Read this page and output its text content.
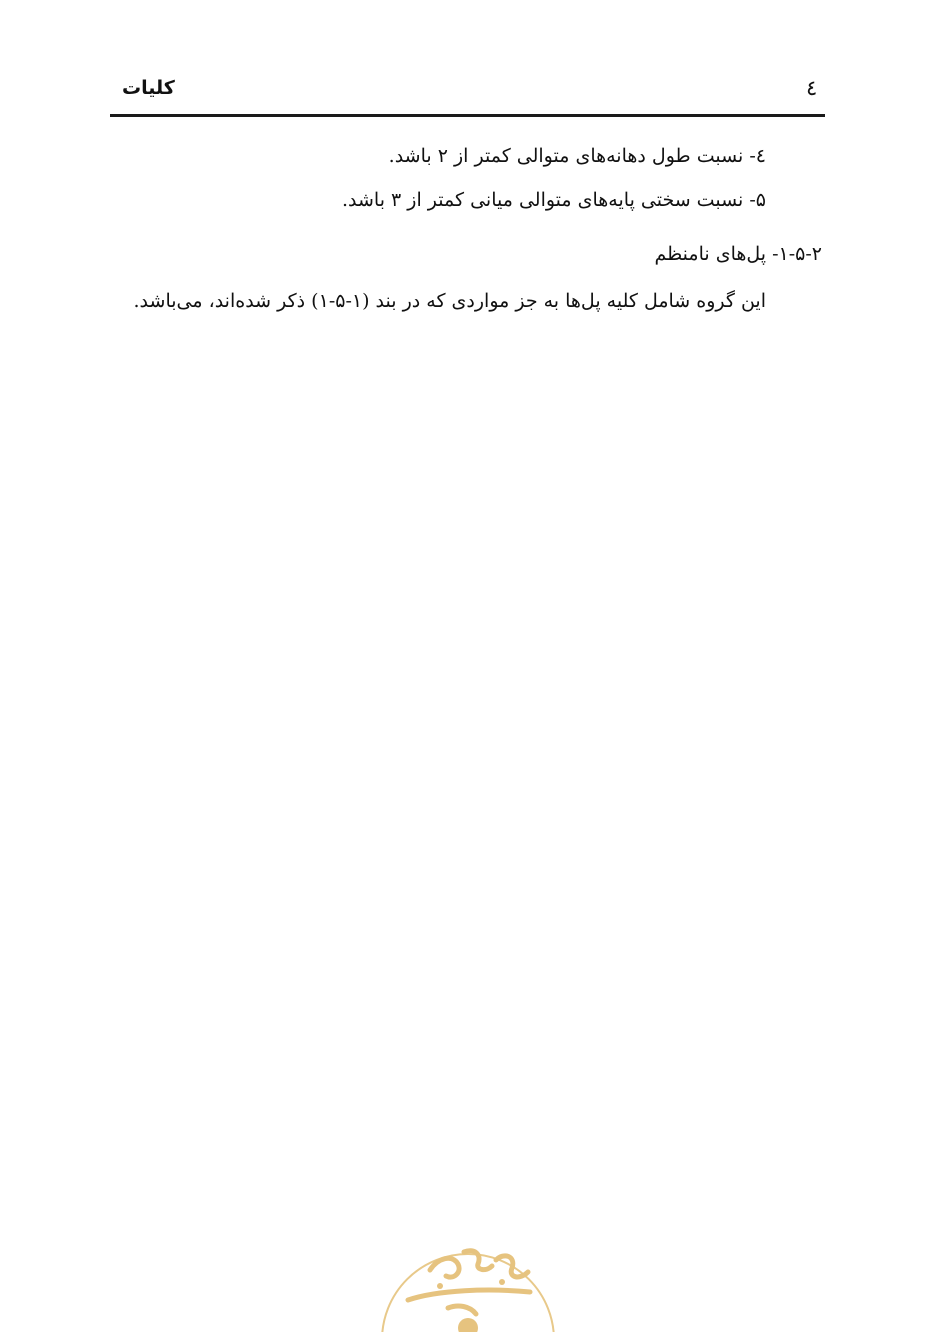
كليات	٤
٤- نسبت طول دهانه‌های متوالی كمتر از ۲ باشد.
۵- نسبت سختی پايه‌های متوالی ميانی كمتر از ۳ باشد.
۱-۵-۲- پل‌های نامنظم
اين گروه شامل كليه پل‌ها به جز مواردی كه در بند (۱-۵-۱) ذكر شده‌اند، می‌باشد.
